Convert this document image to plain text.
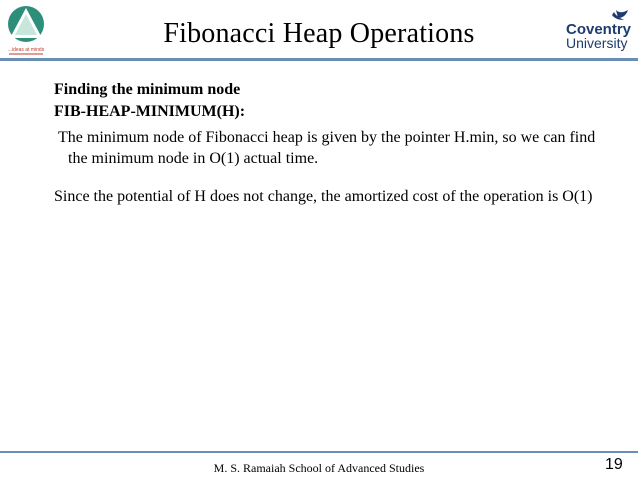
...ideas at minds
Fibonacci Heap Operations	Coventry
University

Finding the minimum node

FIB-HEAP-MINIMUM(H):

The minimum node of Fibonacci heap is given by the pointer H.min, so we can find the minimum node in O(1) actual time.

Since the potential of H does not change, the amortized cost of the operation is O(1)

M. S. Ramaiah School of Advanced Studies	19
